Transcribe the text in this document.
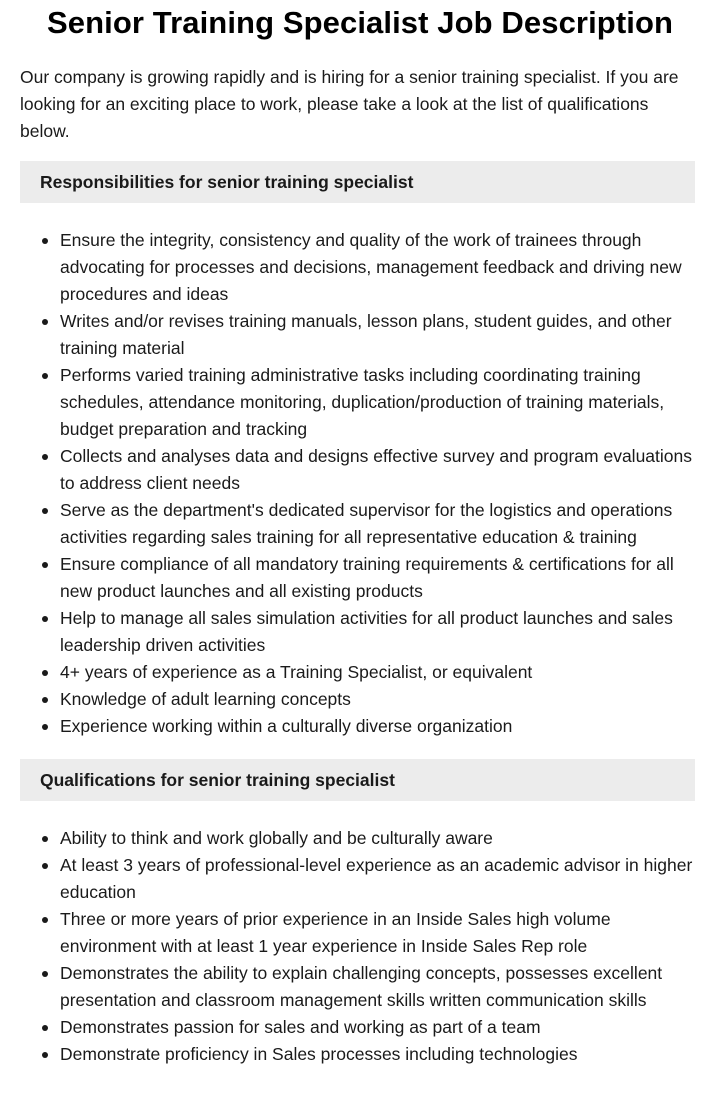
Senior Training Specialist Job Description

Our company is growing rapidly and is hiring for a senior training specialist. If you are looking for an exciting place to work, please take a look at the list of qualifications below.

Responsibilities for senior training specialist
Ensure the integrity, consistency and quality of the work of trainees through advocating for processes and decisions, management feedback and driving new procedures and ideas
Writes and/or revises training manuals, lesson plans, student guides, and other training material
Performs varied training administrative tasks including coordinating training schedules, attendance monitoring, duplication/production of training materials, budget preparation and tracking
Collects and analyses data and designs effective survey and program evaluations to address client needs
Serve as the department's dedicated supervisor for the logistics and operations activities regarding sales training for all representative education & training
Ensure compliance of all mandatory training requirements & certifications for all new product launches and all existing products
Help to manage all sales simulation activities for all product launches and sales leadership driven activities
4+ years of experience as a Training Specialist, or equivalent
Knowledge of adult learning concepts
Experience working within a culturally diverse organization
Qualifications for senior training specialist
Ability to think and work globally and be culturally aware
At least 3 years of professional-level experience as an academic advisor in higher education
Three or more years of prior experience in an Inside Sales high volume environment with at least 1 year experience in Inside Sales Rep role
Demonstrates the ability to explain challenging concepts, possesses excellent presentation and classroom management skills written communication skills
Demonstrates passion for sales and working as part of a team
Demonstrate proficiency in Sales processes including technologies
